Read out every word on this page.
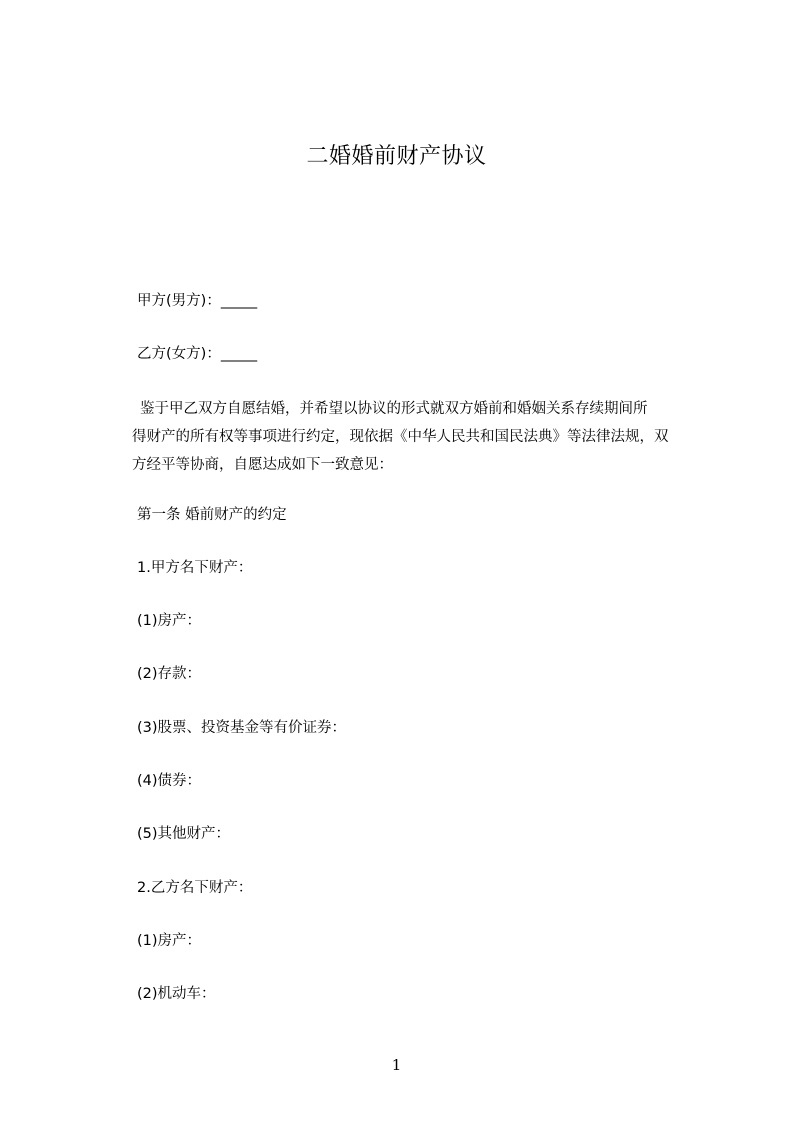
二婚婚前财产协议
甲方(男方)：_____
乙方(女方)：_____
鉴于甲乙双方自愿结婚，并希望以协议的形式就双方婚前和婚姻关系存续期间所
得财产的所有权等事项进行约定，现依据《中华人民共和国民法典》等法律法规，双
方经平等协商，自愿达成如下一致意见：
第一条 婚前财产的约定
1.甲方名下财产：
(1)房产：
(2)存款：
(3)股票、投资基金等有价证券：
(4)债券：
(5)其他财产：
2.乙方名下财产：
(1)房产：
(2)机动车：
1
